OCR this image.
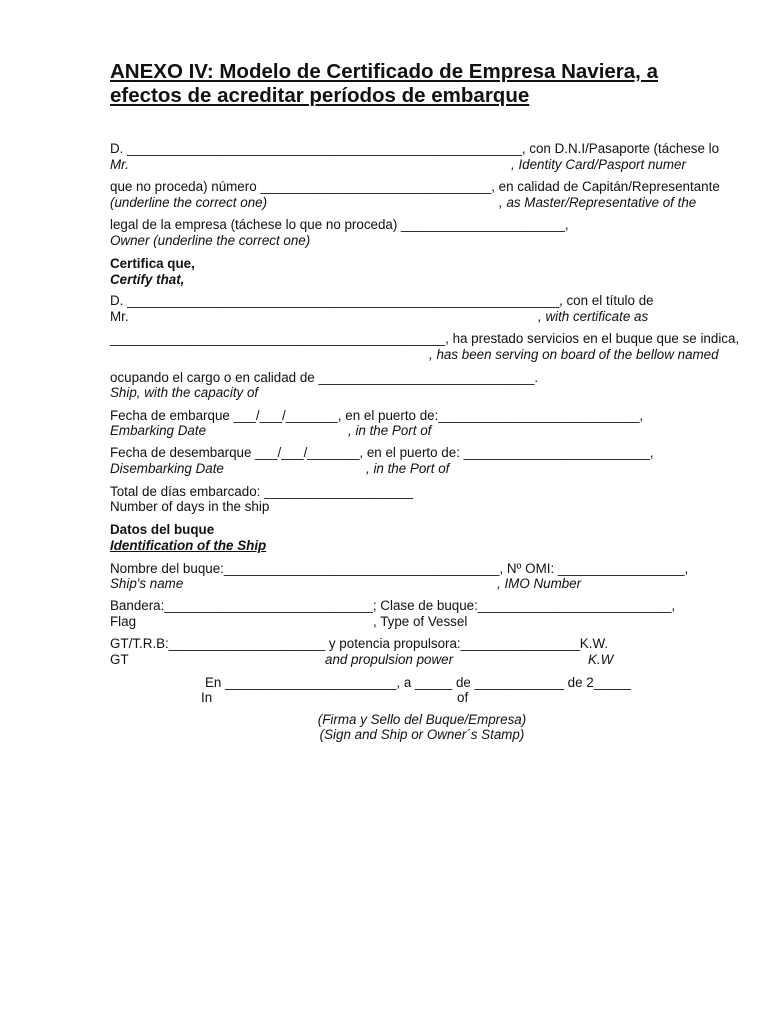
ANEXO IV: Modelo de Certificado de Empresa Naviera, a
efectos de acreditar períodos de embarque
D. _____________________________________________________, con D.N.I/Pasaporte (táchese lo
Mr.	, Identity Card/Pasport numer
que no proceda) número _______________________________, en calidad de Capitán/Representante
(underline the correct one)	, as Master/Representative of the
legal de la empresa (táchese lo que no proceda) ______________________,
Owner (underline the correct one)
Certifica que,
Certify that,
D. __________________________________________________________, con el título de
Mr.	, with certificate as
_____________________________________________, ha prestado servicios en el buque que se indica,
, has been serving on board of the bellow named
ocupando el cargo o en calidad de _____________________________.
Ship, with the capacity of
Fecha de embarque ___/___/_______, en el puerto de:___________________________,
Embarking Date	, in the Port of
Fecha de desembarque ___/___/_______, en el puerto de: _________________________,
Disembarking Date	, in the Port of
Total de días embarcado: ____________________
Number of days in the ship
Datos del buque
Identification of the Ship
Nombre del buque:_____________________________________, Nº OMI: _________________,
Ship's name	, IMO Number
Bandera:____________________________; Clase de buque:__________________________,
Flag	, Type of Vessel
GT/T.R.B:_____________________ y potencia propulsora:________________K.W.
GT	and propulsion power	K.W
En _______________________, a _____ de ____________ de 2_____
In	of
(Firma y Sello del Buque/Empresa)
(Sign and Ship or Owner´s Stamp)
